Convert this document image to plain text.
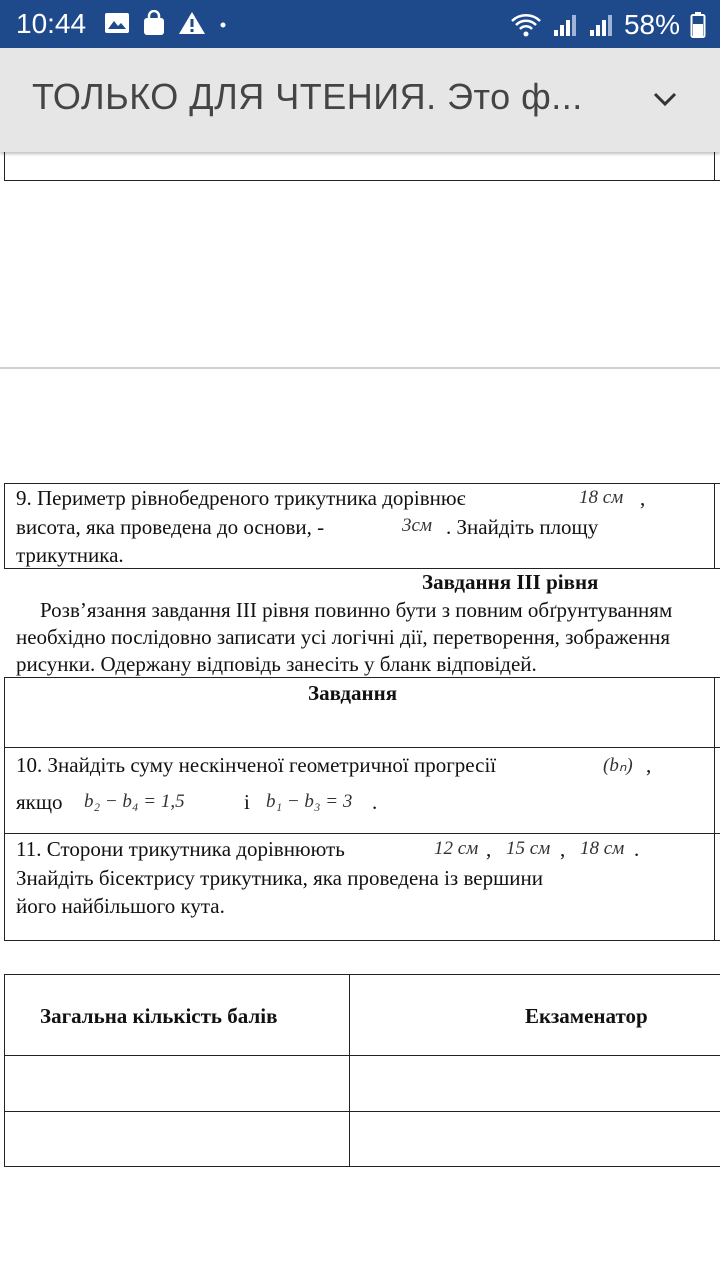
10:44	58%
ТОЛЬКО ДЛЯ ЧТЕНИЯ. Это ф...
9. Периметр рівнобедреного трикутника дорівнює	18 см ,
висота, яка проведена до основи, -	3см . Знайдіть площу
трикутника.
Завдання ІІІ рівня
Розв’язання завдання ІІІ рівня повинно бути з повним обґрунтуванням
необхідно послідовно записати усі логічні дії, перетворення, зображення
рисунки. Одержану відповідь занесіть у бланк відповідей.
Завдання
10. Знайдіть суму нескінченої геометричної прогресії	(bₙ) ,
якщо b₂ − b₄ = 1,5	і b₁ − b₃ = 3 .
11. Сторони трикутника дорівнюють	12 см , 15 см , 18 см .
Знайдіть бісектрису трикутника, яка проведена із вершини
його найбільшого кута.
Загальна кількість балів	Екзаменатор
